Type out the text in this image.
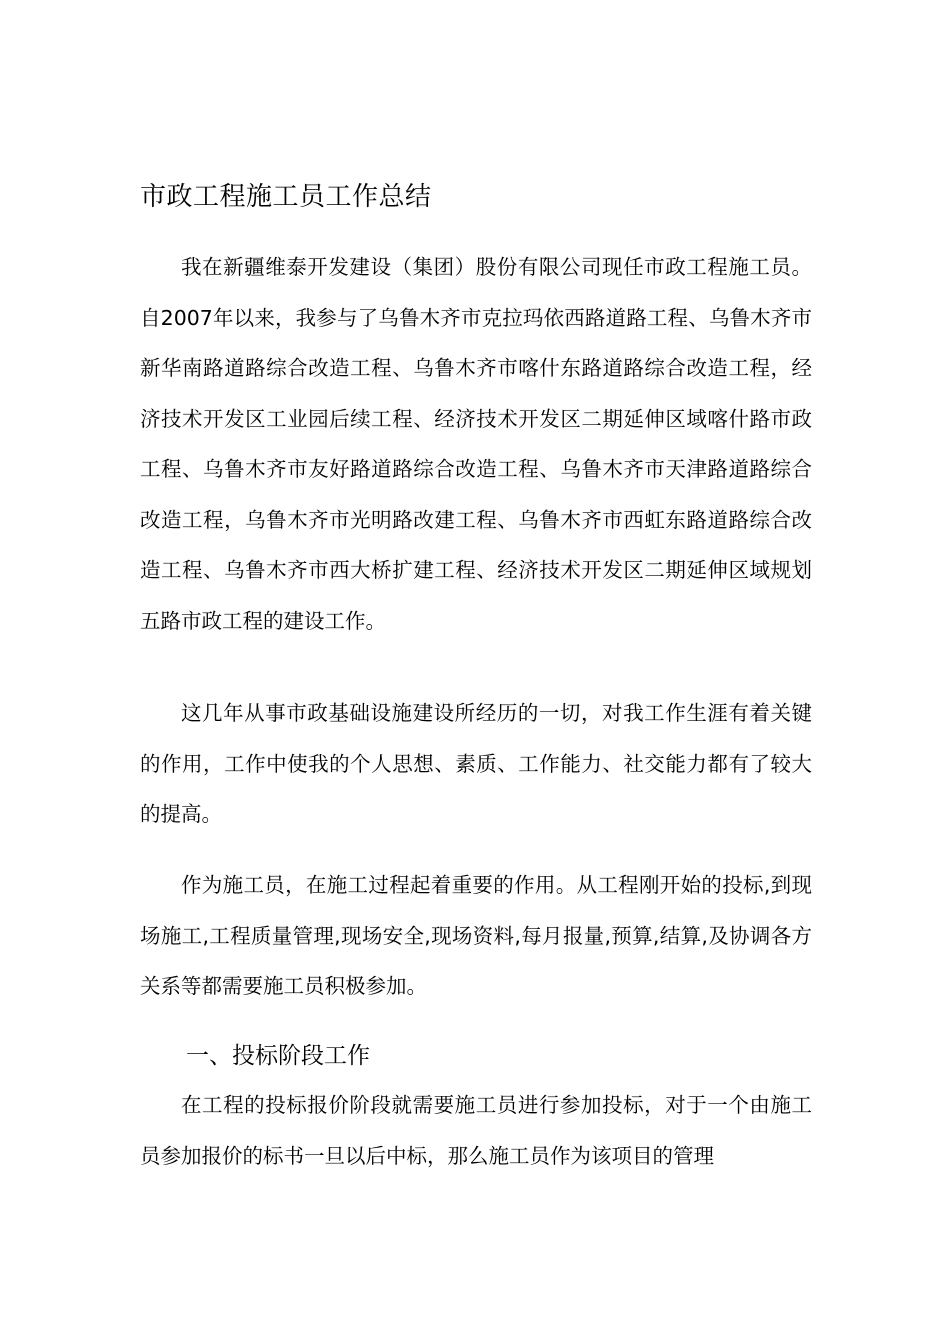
市政工程施工员工作总结

我在新疆维泰开发建设（集团）股份有限公司现任市政工程施工员。自2007年以来，我参与了乌鲁木齐市克拉玛依西路道路工程、乌鲁木齐市新华南路道路综合改造工程、乌鲁木齐市喀什东路道路综合改造工程，经济技术开发区工业园后续工程、经济技术开发区二期延伸区域喀什路市政工程、乌鲁木齐市友好路道路综合改造工程、乌鲁木齐市天津路道路综合改造工程，乌鲁木齐市光明路改建工程、乌鲁木齐市西虹东路道路综合改造工程、乌鲁木齐市西大桥扩建工程、经济技术开发区二期延伸区域规划五路市政工程的建设工作。

这几年从事市政基础设施建设所经历的一切，对我工作生涯有着关键的作用，工作中使我的个人思想、素质、工作能力、社交能力都有了较大的提高。

作为施工员，在施工过程起着重要的作用。从工程刚开始的投标,到现场施工,工程质量管理,现场安全,现场资料,每月报量,预算,结算,及协调各方关系等都需要施工员积极参加。

一、投标阶段工作

在工程的投标报价阶段就需要施工员进行参加投标，对于一个由施工员参加报价的标书一旦以后中标，那么施工员作为该项目的管理
